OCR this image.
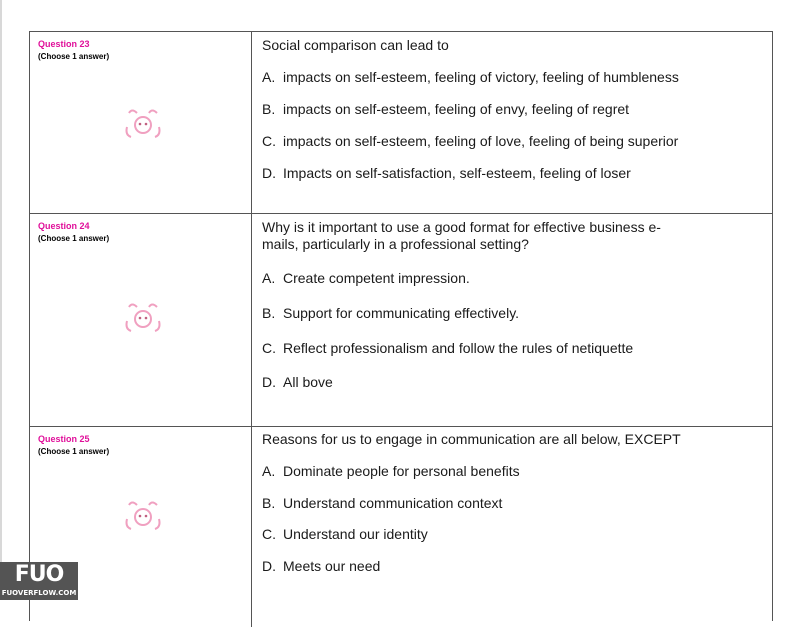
Question 23
(Choose 1 answer)
Social comparison can lead to
A. impacts on self-esteem, feeling of victory, feeling of humbleness
B. impacts on self-esteem, feeling of envy, feeling of regret
C. impacts on self-esteem, feeling of love, feeling of being superior
D. Impacts on self-satisfaction, self-esteem, feeling of loser
Question 24
(Choose 1 answer)
Why is it important to use a good format for effective business e-mails, particularly in a professional setting?
A. Create competent impression.
B. Support for communicating effectively.
C. Reflect professionalism and follow the rules of netiquette
D. All bove
Question 25
(Choose 1 answer)
Reasons for us to engage in communication are all below, EXCEPT
A. Dominate people for personal benefits
B. Understand communication context
C. Understand our identity
D. Meets our need
FUO
FUOVERFLOW.COM
